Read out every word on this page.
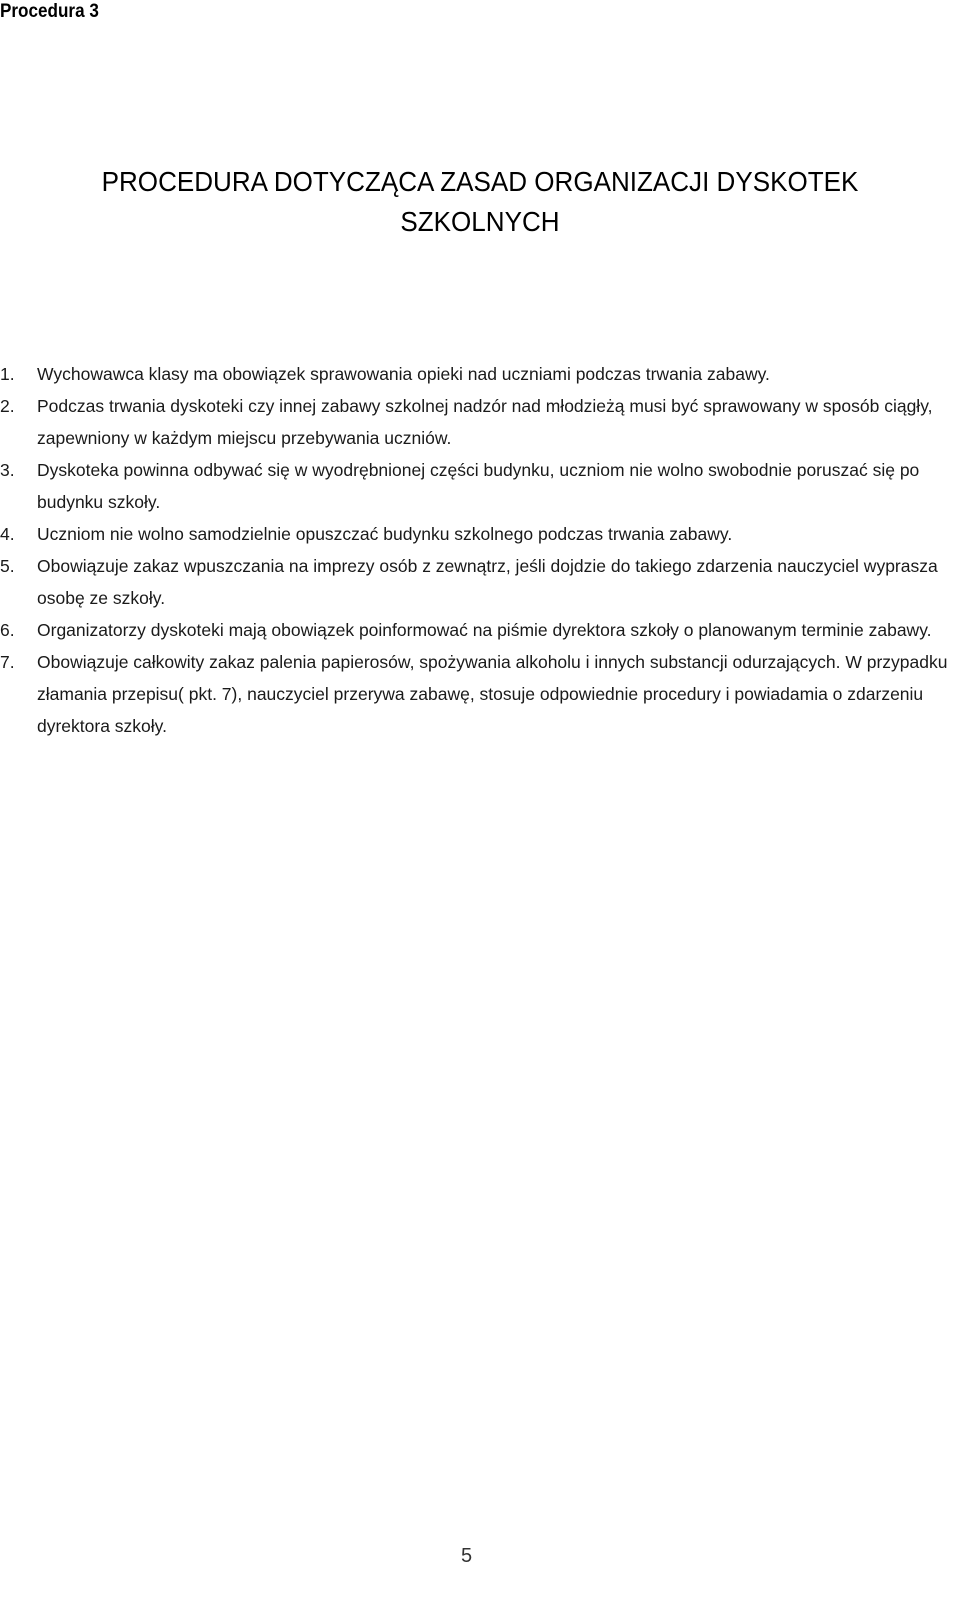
Procedura 3
PROCEDURA DOTYCZĄCA ZASAD ORGANIZACJI DYSKOTEK
SZKOLNYCH
1.	Wychowawca klasy ma obowiązek sprawowania opieki nad uczniami podczas trwania zabawy.
2.	Podczas trwania dyskoteki czy innej zabawy szkolnej nadzór nad młodzieżą musi być sprawowany w sposób ciągły, zapewniony w każdym miejscu przebywania uczniów.
3.	Dyskoteka powinna odbywać się w wyodrębnionej części budynku, uczniom nie wolno swobodnie poruszać się po budynku szkoły.
4.	Uczniom nie wolno samodzielnie opuszczać budynku szkolnego podczas trwania zabawy.
5.	Obowiązuje zakaz wpuszczania na imprezy osób z zewnątrz, jeśli dojdzie do takiego zdarzenia nauczyciel wyprasza osobę ze szkoły.
6.	Organizatorzy dyskoteki mają obowiązek poinformować na piśmie dyrektora szkoły o planowanym terminie zabawy.
7.	Obowiązuje całkowity zakaz palenia papierosów, spożywania alkoholu i innych substancji odurzających. W przypadku złamania przepisu( pkt. 7), nauczyciel przerywa zabawę, stosuje odpowiednie procedury i powiadamia o zdarzeniu dyrektora szkoły.
5
